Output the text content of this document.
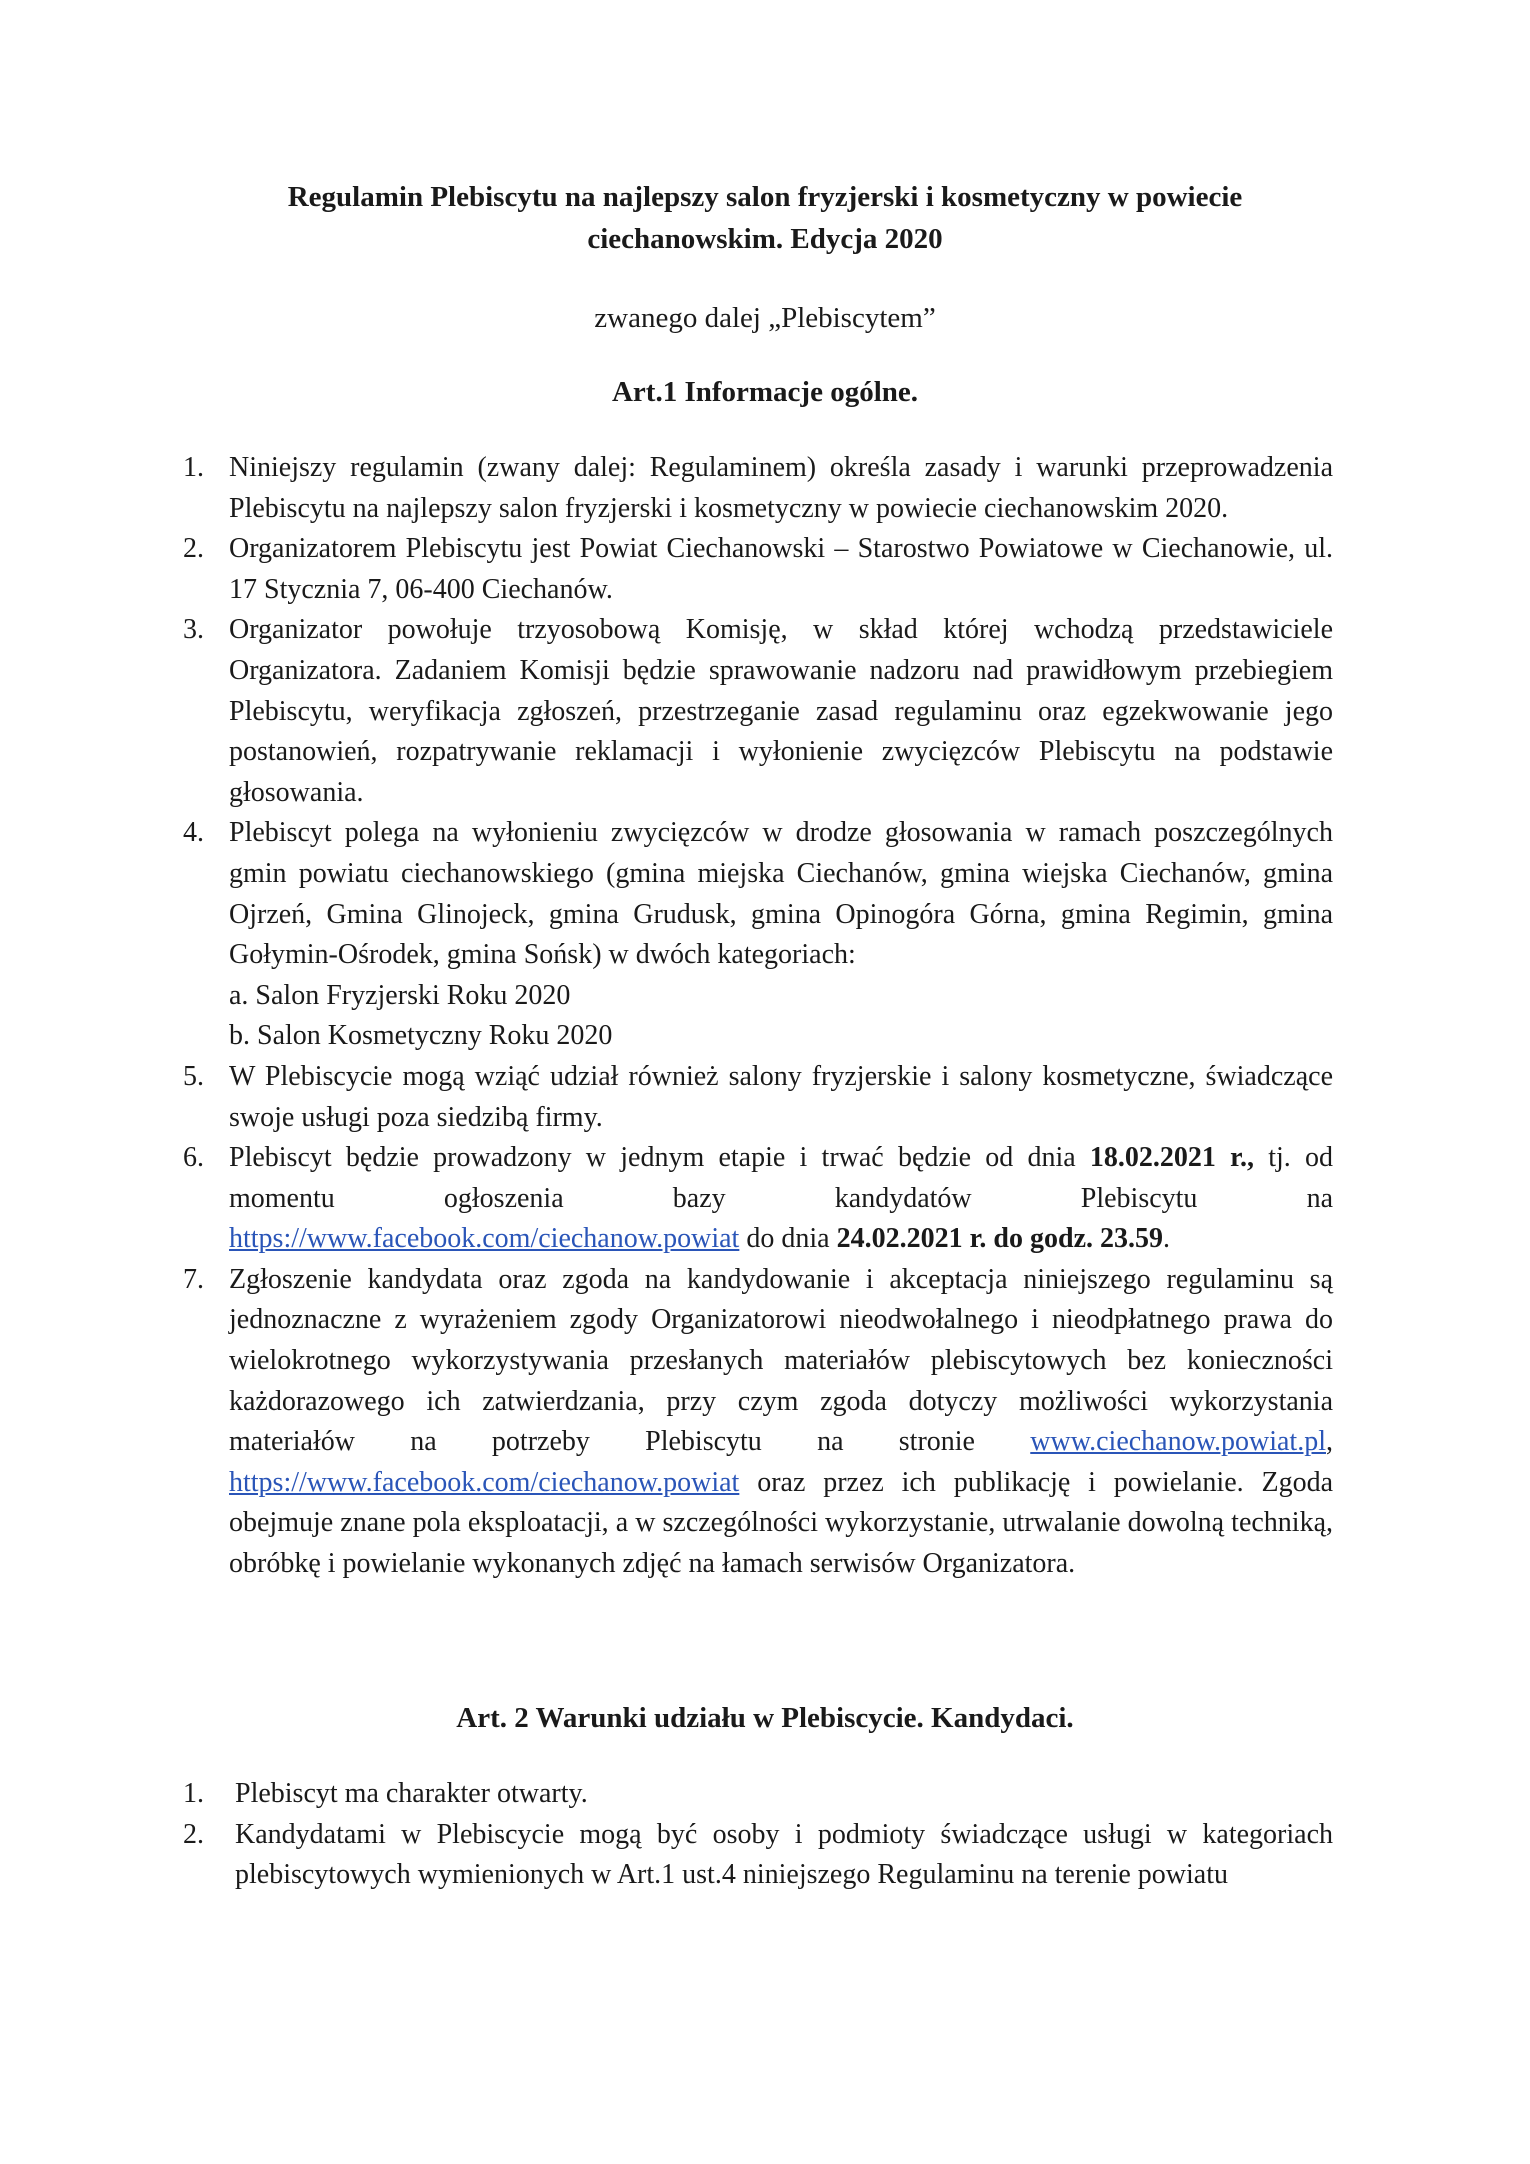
Regulamin Plebiscytu na najlepszy salon fryzjerski i kosmetyczny w powiecie
ciechanowskim. Edycja 2020
zwanego dalej „Plebiscytem”
Art.1 Informacje ogólne.
1. Niniejszy regulamin (zwany dalej: Regulaminem) określa zasady i warunki przeprowadzenia Plebiscytu na najlepszy salon fryzjerski i kosmetyczny w powiecie ciechanowskim 2020.
2. Organizatorem Plebiscytu jest Powiat Ciechanowski – Starostwo Powiatowe w Ciechanowie, ul. 17 Stycznia 7, 06-400 Ciechanów.
3. Organizator powołuje trzyosobową Komisję, w skład której wchodzą przedstawiciele Organizatora. Zadaniem Komisji będzie sprawowanie nadzoru nad prawidłowym przebiegiem Plebiscytu, weryfikacja zgłoszeń, przestrzeganie zasad regulaminu oraz egzekwowanie jego postanowień, rozpatrywanie reklamacji i wyłonienie zwycięzców Plebiscytu na podstawie głosowania.
4. Plebiscyt polega na wyłonieniu zwycięzców w drodze głosowania w ramach poszczególnych gmin powiatu ciechanowskiego (gmina miejska Ciechanów, gmina wiejska Ciechanów, gmina Ojrzeń, Gmina Glinojeck, gmina Grudusk, gmina Opinogóra Górna, gmina Regimin, gmina Gołymin-Ośrodek, gmina Sońsk) w dwóch kategoriach:
a. Salon Fryzjerski Roku 2020
b. Salon Kosmetyczny Roku 2020
5. W Plebiscycie mogą wziąć udział również salony fryzjerskie i salony kosmetyczne, świadczące swoje usługi poza siedzibą firmy.
6. Plebiscyt będzie prowadzony w jednym etapie i trwać będzie od dnia 18.02.2021 r., tj. od momentu ogłoszenia bazy kandydatów Plebiscytu na https://www.facebook.com/ciechanow.powiat do dnia 24.02.2021 r. do godz. 23.59.
7. Zgłoszenie kandydata oraz zgoda na kandydowanie i akceptacja niniejszego regulaminu są jednoznaczne z wyrażeniem zgody Organizatorowi nieodwołalnego i nieodpłatnego prawa do wielokrotnego wykorzystywania przesłanych materiałów plebiscytowych bez konieczności każdorazowego ich zatwierdzania, przy czym zgoda dotyczy możliwości wykorzystania materiałów na potrzeby Plebiscytu na stronie www.ciechanow.powiat.pl, https://www.facebook.com/ciechanow.powiat oraz przez ich publikację i powielanie. Zgoda obejmuje znane pola eksploatacji, a w szczególności wykorzystanie, utrwalanie dowolną techniką, obróbkę i powielanie wykonanych zdjęć na łamach serwisów Organizatora.
Art. 2 Warunki udziału w Plebiscycie. Kandydaci.
1. Plebiscyt ma charakter otwarty.
2. Kandydatami w Plebiscycie mogą być osoby i podmioty świadczące usługi w kategoriach plebiscytowych wymienionych w Art.1 ust.4 niniejszego Regulaminu na terenie powiatu
